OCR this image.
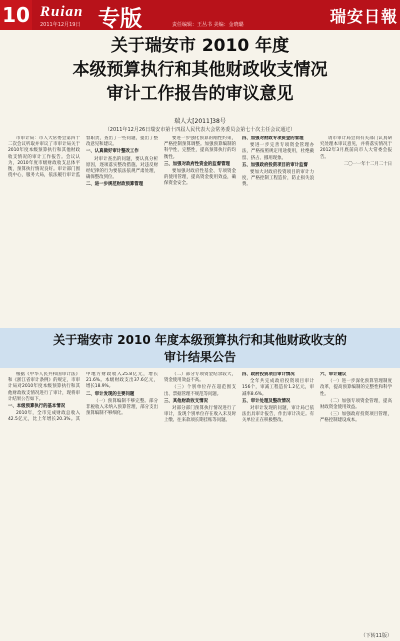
10 Ruian 专版
2011年12月19日	责任编辑：王丛书 美编：金晓璐	瑞安日報
关于瑞安市 2010 年度
本级预算执行和其他财政收支情况
审计工作报告的审议意见
瑞人大[2011]38号
（2011年12月26日瑞安市第十四届人民代表大会常务委员会第七十次主任会议通过）

市审计局：市人大常委会第四十二次会议听取并审议了市审计局关于2010年度本级预算执行和其他财政收支情况的审计工作报告。会议认为，2010年度市级财政收支总体平衡，预算执行情况良好。审计部门围绕中心，服务大局，依法履行审计监督职责，查出了一些问题，提出了整改意见和建议。

一、认真做好审计整改工作

对审计查出的问题，要认真分析原因，逐项落实整改措施。对违反财经纪律的行为要依法依规严肃处理，确保整改到位。

二、进一步规范财政预算管理

要进一步强化预算的刚性约束，严格控制预算调整。加强预算编制的科学性、完整性，提高预算执行的均衡性。

三、加强对政府性资金的监督管理

要加强对政府性基金、专项资金的使用管理，提高资金使用效益，确保资金安全。

四、加强对财政专项资金的管理

要进一步完善专项资金管理办法，严格按照规定用途使用，杜绝截留、挤占、挪用现象。

五、加强政府投资项目的审计监督

要加大对政府投资项目的审计力度，严格控制工程造价，防止损失浪费。

请市审计局会同有关部门认真研究处理本审议意见，并将落实情况于2012年3月底前向市人大常委会报告。

二〇一一年十二月二十日

关于瑞安市 2010 年度本级预算执行和其他财政收支的
审计结果公告

根据《中华人民共和国审计法》和《浙江省审计条例》的规定，市审计局对2010年度本级预算执行和其他财政收支情况进行了审计，现将审计结果公告如下。

一、本级预算执行的基本情况

2010年，全市完成财政总收入42.5亿元，比上年增长20.3%。其中地方财政收入25.8亿元，增长21.6%。本级财政支出37.6亿元，增长18.9%。

二、审计发现的主要问题

（一）预算编制不够完整。部分非税收入未纳入预算管理，部分支出预算编制不够细化。

（二）部分专项资金结余较大，资金使用效益不高。

（三）个别单位存在超范围支出、票据管理不规范等问题。

三、其他财政收支情况

对部分部门预算执行情况进行了审计，发现个别单位存在收入未及时上缴、往来款项长期挂账等问题。

四、政府投资项目审计情况

全年共完成政府投资项目审计156个，审减工程造价1.2亿元，审减率8.6%。

五、审计处理及整改情况

对审计发现的问题，审计局已依法出具审计报告，作出审计决定。有关单位正在积极整改。

六、审计建议

（一）进一步深化预算管理制度改革，提高预算编制的完整性和科学性。

（二）加强专项资金管理，提高财政资金使用效益。

（三）加强政府投资项目管理，严格控制建设成本。

（下转11版）
